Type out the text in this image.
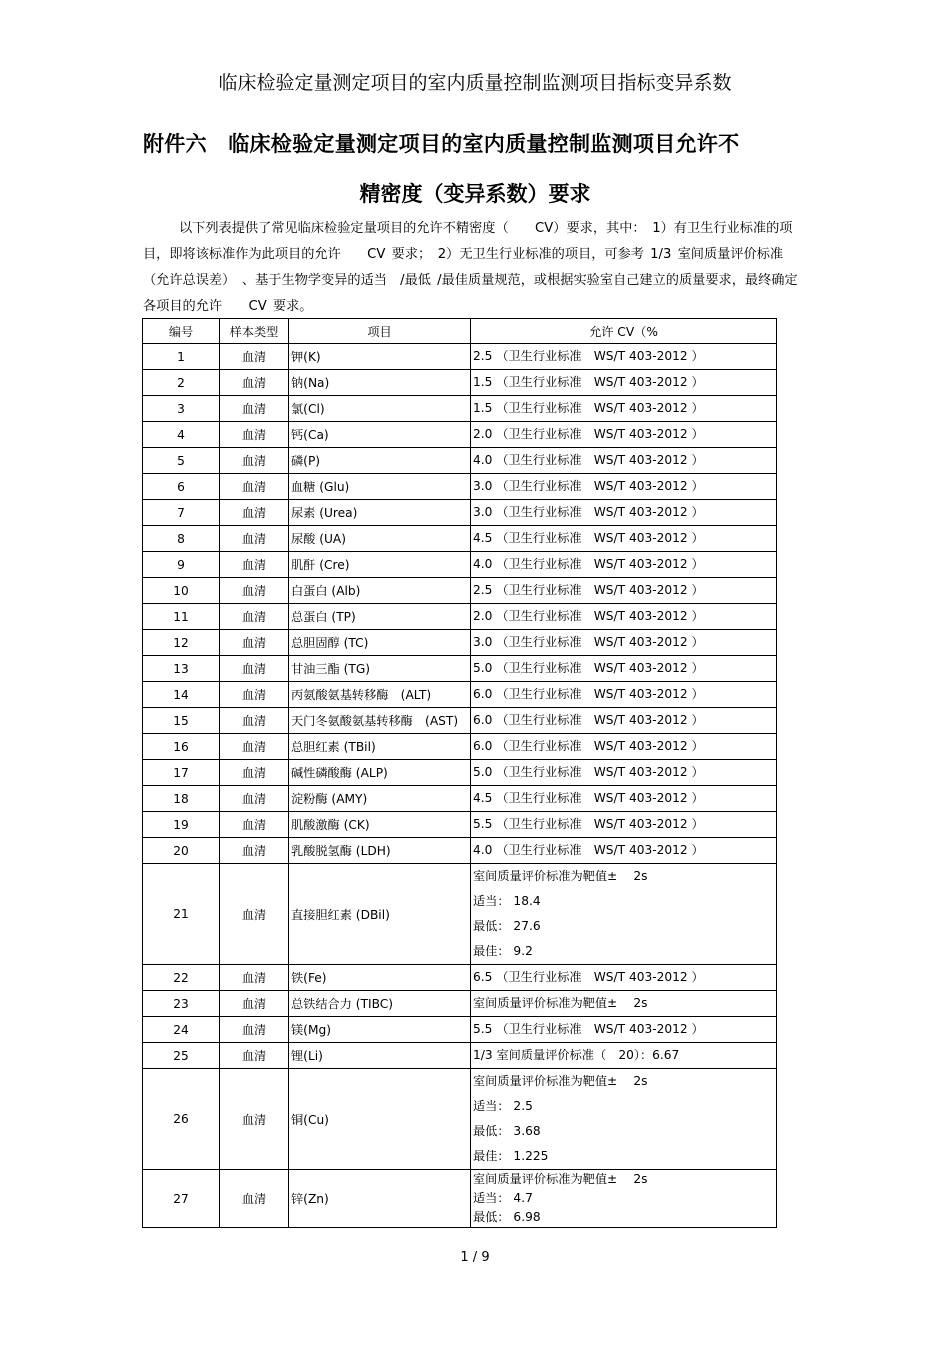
临床检验定量测定项目的室内质量控制监测项目指标变异系数
附件六　临床检验定量测定项目的室内质量控制监测项目允许不
精密度（变异系数）要求
以下列表提供了常见临床检验定量项目的允许不精密度（　　CV）要求，其中：　1）有卫生行业标准的项目，即将该标准作为此项目的允许　　CV 要求；　2）无卫生行业标准的项目，可参考 1/3 室间质量评价标准（允许总误差）　、基于生物学变异的适当　/最低 /最佳质量规范，或根据实验室自己建立的质量要求，最终确定各项目的允许　　CV 要求。
编号	样本类型	项目	允许 CV（%
1	血清	钾(K)	2.5 （卫生行业标准　WS/T 403-2012 ）

2	血清	钠(Na)	1.5 （卫生行业标准　WS/T 403-2012 ）

3	血清	氯(Cl)	1.5 （卫生行业标准　WS/T 403-2012 ）

4	血清	钙(Ca)	2.0 （卫生行业标准　WS/T 403-2012 ）

5	血清	磷(P)	4.0 （卫生行业标准　WS/T 403-2012 ）

6	血清	血糖 (Glu)	3.0 （卫生行业标准　WS/T 403-2012 ）

7	血清	尿素 (Urea)	3.0 （卫生行业标准　WS/T 403-2012 ）

8	血清	尿酸 (UA)	4.5 （卫生行业标准　WS/T 403-2012 ）

9	血清	肌酐 (Cre)	4.0 （卫生行业标准　WS/T 403-2012 ）

10	血清	白蛋白 (Alb)	2.5 （卫生行业标准　WS/T 403-2012 ）

11	血清	总蛋白 (TP)	2.0 （卫生行业标准　WS/T 403-2012 ）

12	血清	总胆固醇 (TC)	3.0 （卫生行业标准　WS/T 403-2012 ）

13	血清	甘油三酯 (TG)	5.0 （卫生行业标准　WS/T 403-2012 ）

14	血清	丙氨酸氨基转移酶　(ALT)	6.0 （卫生行业标准　WS/T 403-2012 ）

15	血清	天门冬氨酸氨基转移酶　(AST)	6.0 （卫生行业标准　WS/T 403-2012 ）

16	血清	总胆红素 (TBil)	6.0 （卫生行业标准　WS/T 403-2012 ）

17	血清	碱性磷酸酶 (ALP)	5.0 （卫生行业标准　WS/T 403-2012 ）

18	血清	淀粉酶 (AMY)	4.5 （卫生行业标准　WS/T 403-2012 ）

19	血清	肌酸激酶 (CK)	5.5 （卫生行业标准　WS/T 403-2012 ）

20	血清	乳酸脱氢酶 (LDH)	4.0 （卫生行业标准　WS/T 403-2012 ）

21	血清	直接胆红素 (DBil)	室间质量评价标准为靶值±　 2s
适当： 18.4
最低： 27.6
最佳： 9.2

22	血清	铁(Fe)	6.5 （卫生行业标准　WS/T 403-2012 ）

23	血清	总铁结合力 (TIBC)	室间质量评价标准为靶值±　 2s

24	血清	镁(Mg)	5.5 （卫生行业标准　WS/T 403-2012 ）

25	血清	锂(Li)	1/3 室间质量评价标准（　20）：6.67

26	血清	铜(Cu)	室间质量评价标准为靶值±　 2s
适当： 2.5
最低： 3.68
最佳： 1.225

27	血清	锌(Zn)	室间质量评价标准为靶值±　 2s
适当： 4.7
最低： 6.98
1 / 9
